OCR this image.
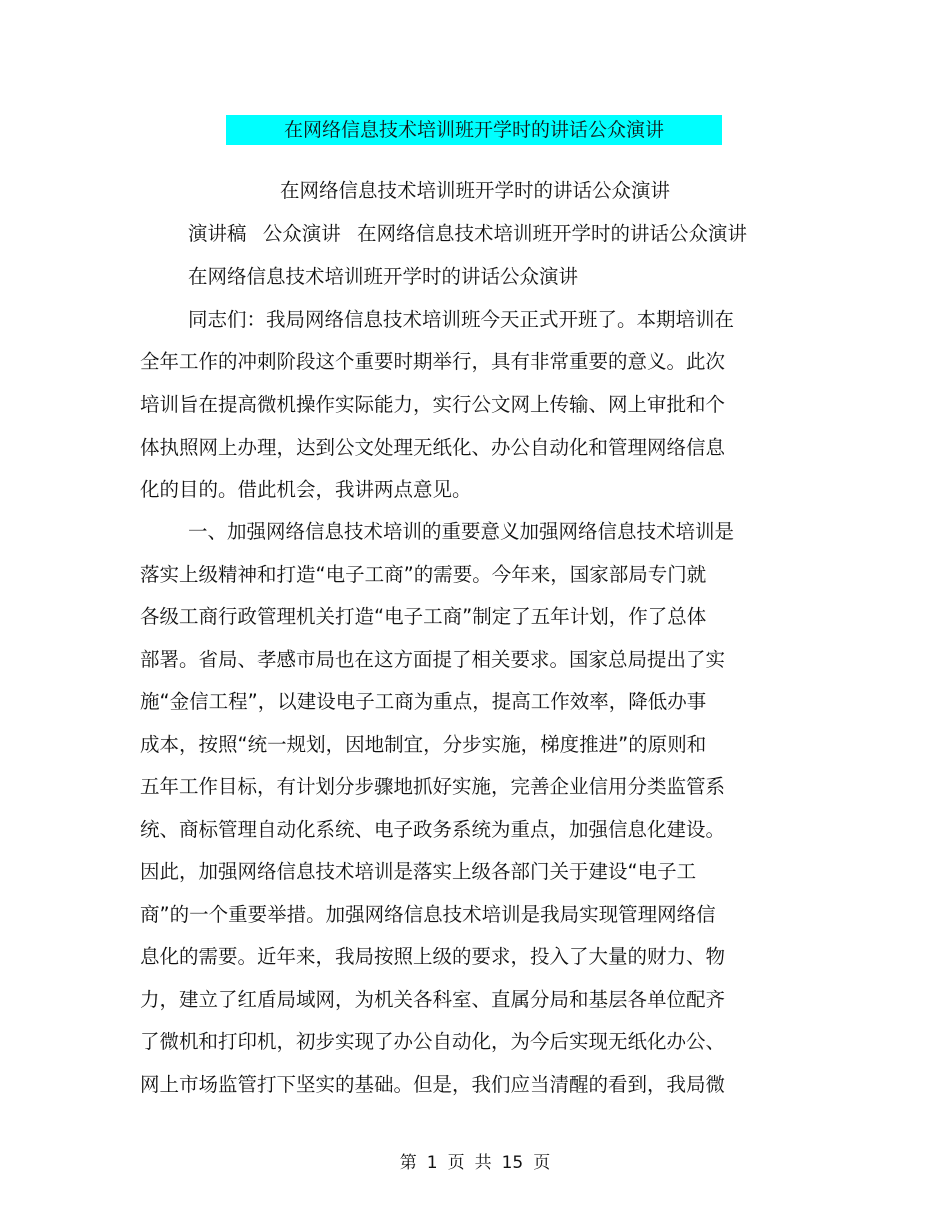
在网络信息技术培训班开学时的讲话公众演讲
在网络信息技术培训班开学时的讲话公众演讲
演讲稿 公众演讲 在网络信息技术培训班开学时的讲话公众演讲
在网络信息技术培训班开学时的讲话公众演讲
同志们：我局网络信息技术培训班今天正式开班了。本期培训在
全年工作的冲刺阶段这个重要时期举行，具有非常重要的意义。此次
培训旨在提高微机操作实际能力，实行公文网上传输、网上审批和个
体执照网上办理，达到公文处理无纸化、办公自动化和管理网络信息
化的目的。借此机会，我讲两点意见。
一、加强网络信息技术培训的重要意义加强网络信息技术培训是
落实上级精神和打造“电子工商”的需要。今年来，国家部局专门就
各级工商行政管理机关打造“电子工商”制定了五年计划，作了总体
部署。省局、孝感市局也在这方面提了相关要求。国家总局提出了实
施“金信工程”，以建设电子工商为重点，提高工作效率，降低办事
成本，按照“统一规划，因地制宜，分步实施，梯度推进”的原则和
五年工作目标，有计划分步骤地抓好实施，完善企业信用分类监管系
统、商标管理自动化系统、电子政务系统为重点，加强信息化建设。
因此，加强网络信息技术培训是落实上级各部门关于建设“电子工
商”的一个重要举措。加强网络信息技术培训是我局实现管理网络信
息化的需要。近年来，我局按照上级的要求，投入了大量的财力、物
力，建立了红盾局域网，为机关各科室、直属分局和基层各单位配齐
了微机和打印机，初步实现了办公自动化，为今后实现无纸化办公、
网上市场监管打下坚实的基础。但是，我们应当清醒的看到，我局微
第 1 页 共 15 页
